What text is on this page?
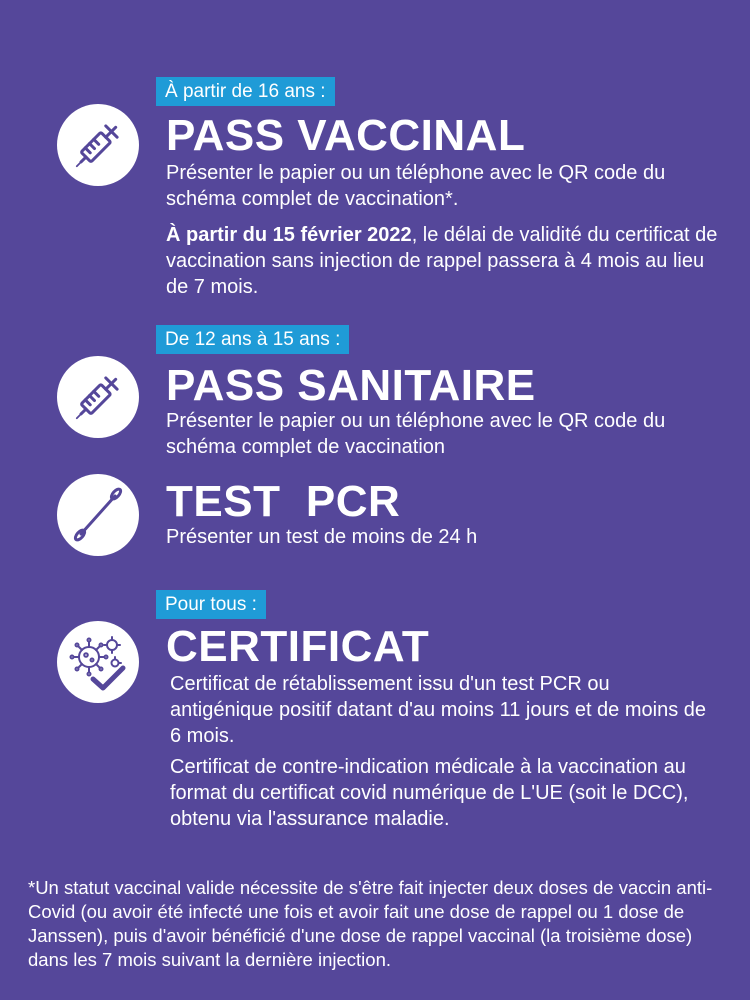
À partir de 16 ans :
PASS VACCINAL
Présenter le papier ou un téléphone avec le QR code du schéma complet de vaccination*.
À partir du 15 février 2022, le délai de validité du certificat de vaccination sans injection de rappel passera à 4 mois au lieu de 7 mois.
De 12 ans à 15 ans :
PASS SANITAIRE
Présenter le papier ou un téléphone avec le QR code du schéma complet de vaccination
TEST  PCR
Présenter un test de moins de 24 h
Pour tous :
CERTIFICAT
Certificat de rétablissement issu d'un test PCR ou antigénique positif datant d'au moins 11 jours et de moins de 6 mois.
Certificat de contre-indication médicale à la vaccination au format du certificat covid numérique de L'UE (soit le DCC), obtenu via l'assurance maladie.
*Un statut vaccinal valide nécessite de s'être fait injecter deux doses de vaccin anti-Covid (ou avoir été infecté une fois et avoir fait une dose de rappel ou 1 dose de Janssen), puis d'avoir bénéficié d'une dose de rappel vaccinal (la troisième dose) dans les 7 mois suivant la dernière injection.
